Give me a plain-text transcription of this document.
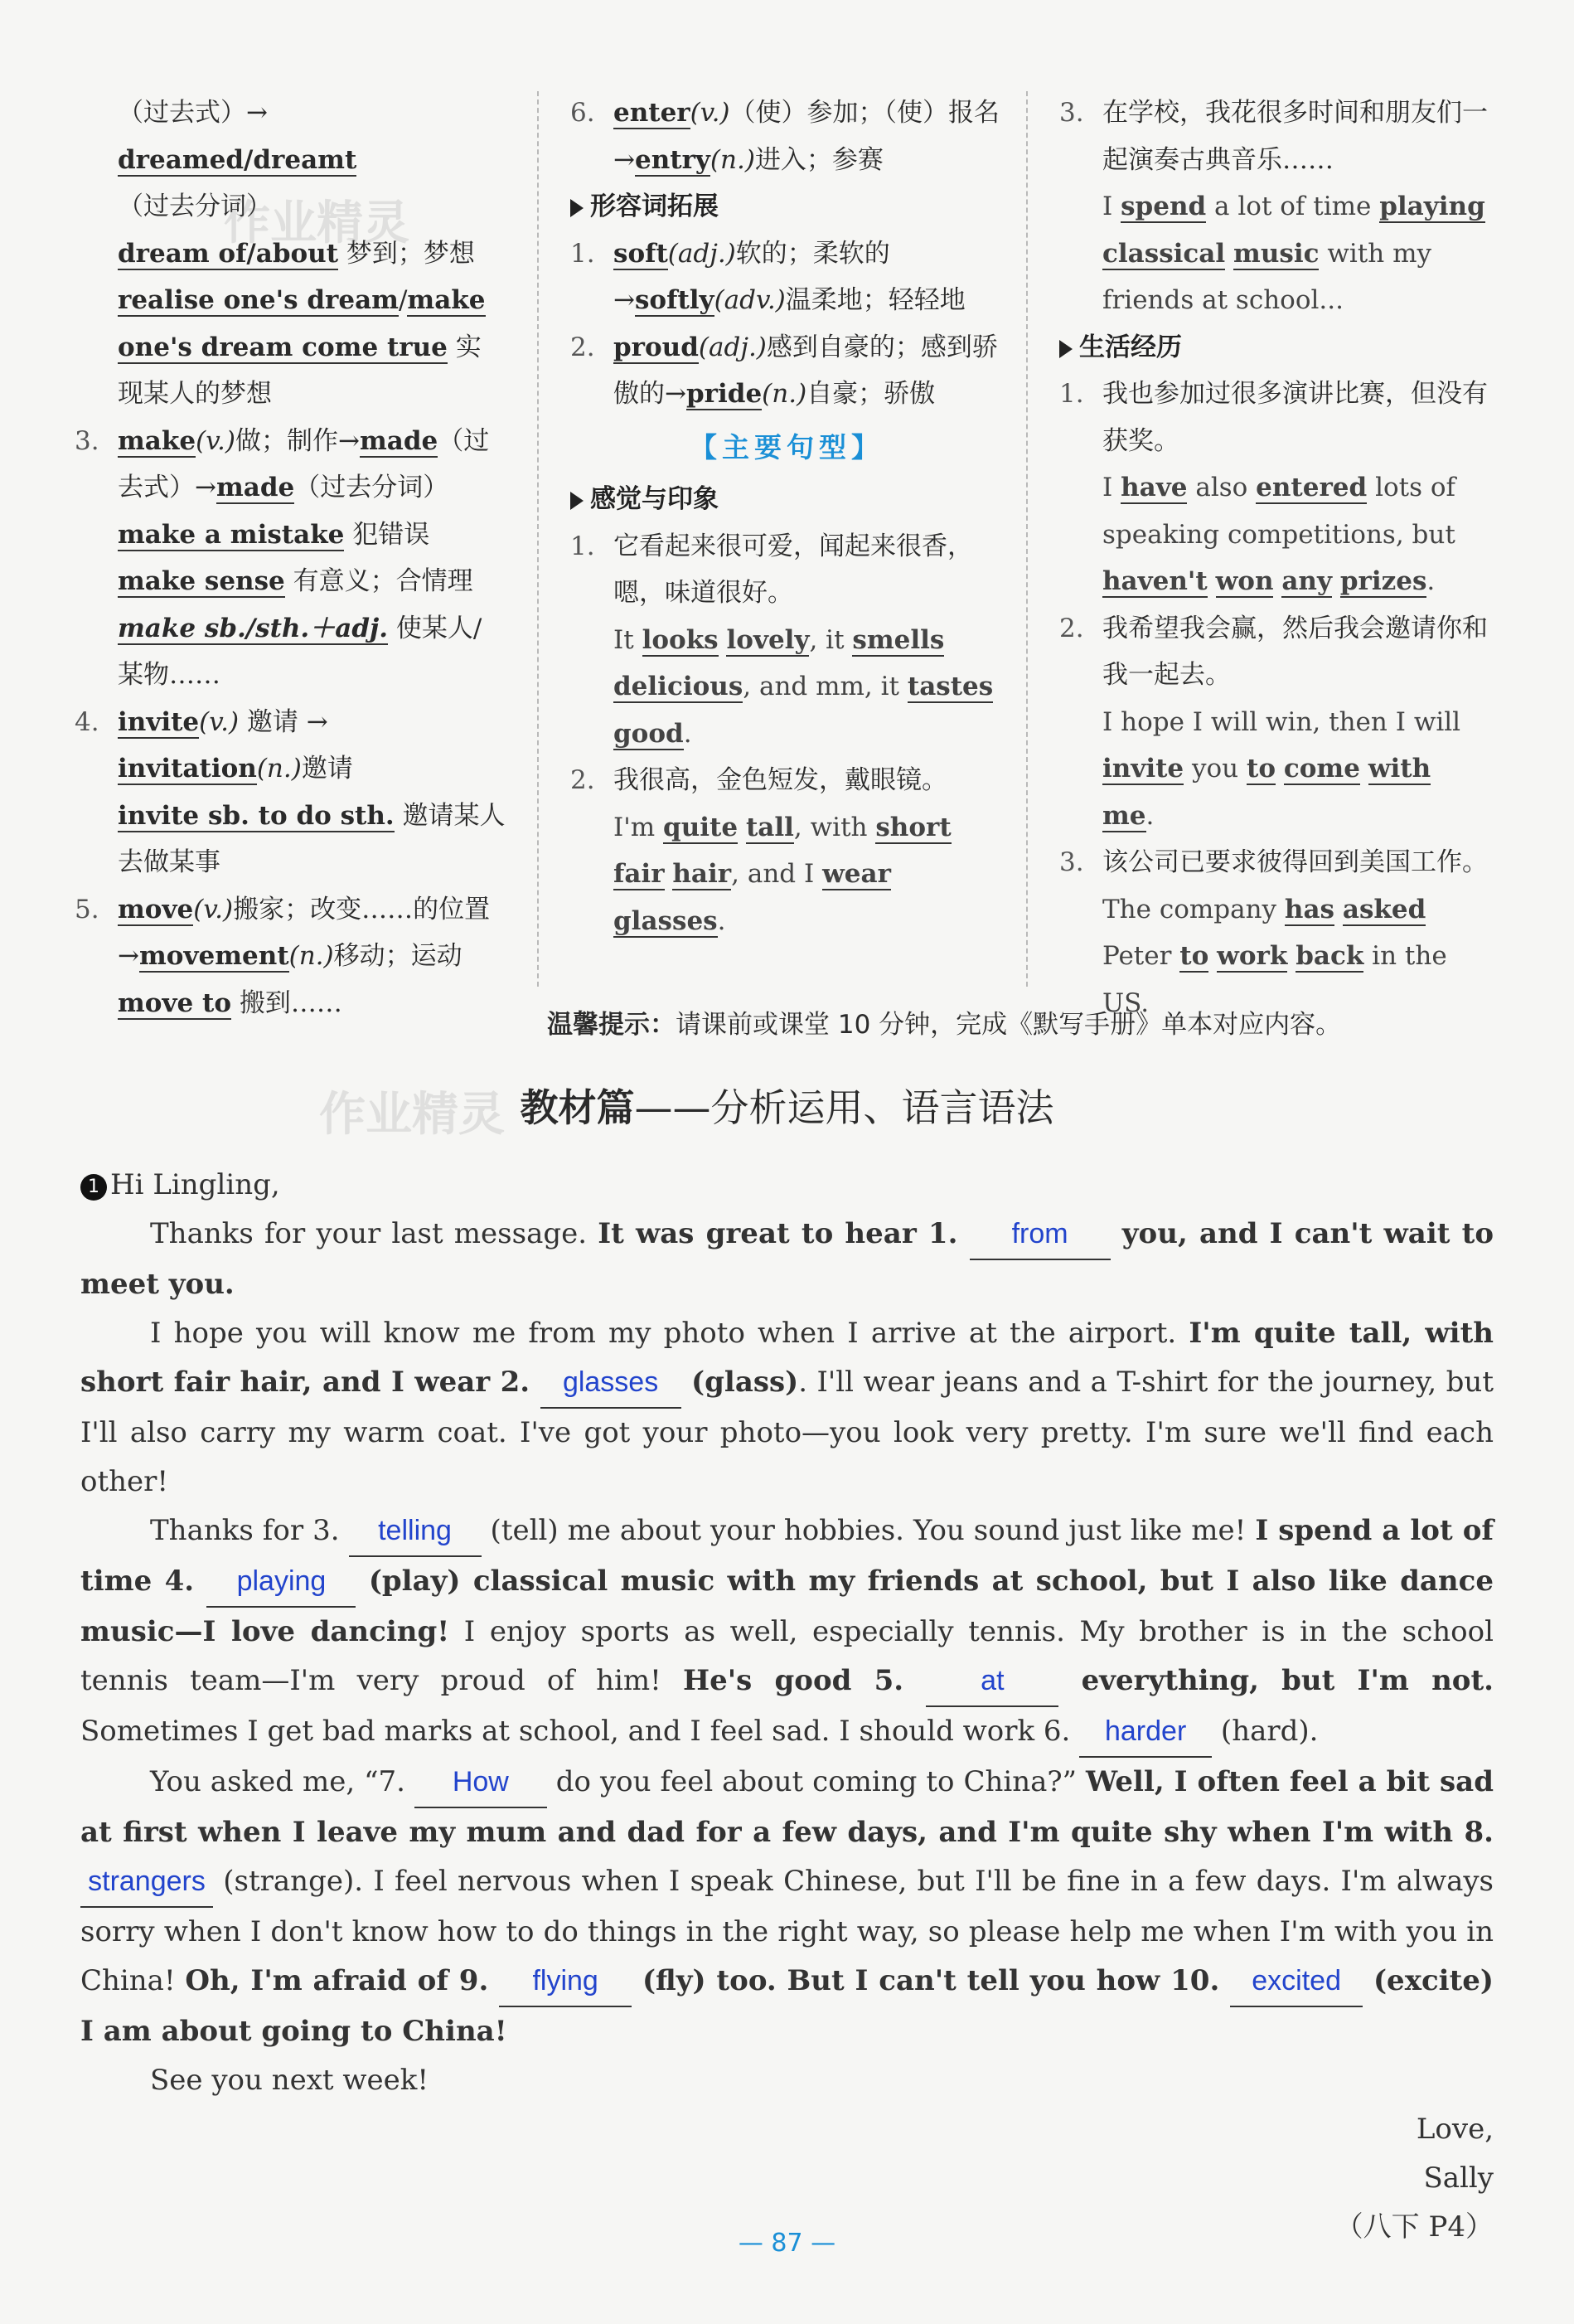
（过去式）→ dreamed/dreamt
（过去分词）
dream of/about 梦到；梦想
realise one's dream/make one's dream come true 实现某人的梦想
3. make(v.)做；制作→made（过去式）→made（过去分词）
make a mistake 犯错误
make sense 有意义；合情理
make sb./sth.＋adj. 使某人/某物……
4. invite(v.) 邀请 → invitation(n.)邀请
invite sb. to do sth. 邀请某人去做某事
5. move(v.)搬家；改变……的位置→movement(n.)移动；运动
move to 搬到……
6. enter(v.)（使）参加；（使）报名→entry(n.)进入；参赛
形容词拓展
1. soft(adj.)软的；柔软的→softly(adv.)温柔地；轻轻地
2. proud(adj.)感到自豪的；感到骄傲的→pride(n.)自豪；骄傲
【主要句型】
感觉与印象
1. 它看起来很可爱，闻起来很香，嗯，味道很好。
It looks lovely, it smells delicious, and mm, it tastes good.
2. 我很高，金色短发，戴眼镜。
I'm quite tall, with short fair hair, and I wear glasses.
3. 在学校，我花很多时间和朋友们一起演奏古典音乐……
I spend a lot of time playing classical music with my friends at school...
生活经历
1. 我也参加过很多演讲比赛，但没有获奖。
I have also entered lots of speaking competitions, but haven't won any prizes.
2. 我希望我会赢，然后我会邀请你和我一起去。
I hope I will win, then I will invite you to come with me.
3. 该公司已要求彼得回到美国工作。
The company has asked Peter to work back in the US.
温馨提示：请课前或课堂 10 分钟，完成《默写手册》单本对应内容。
作业精灵
作业精灵 教材篇——分析运用、语言语法

1 Hi Lingling,

Thanks for your last message. It was great to hear 1. from you, and I can't wait to meet you.

I hope you will know me from my photo when I arrive at the airport. I'm quite tall, with short fair hair, and I wear 2. glasses (glass). I'll wear jeans and a T-shirt for the journey, but I'll also carry my warm coat. I've got your photo—you look very pretty. I'm sure we'll find each other!

Thanks for 3. telling (tell) me about your hobbies. You sound just like me! I spend a lot of time 4. playing (play) classical music with my friends at school, but I also like dance music—I love dancing! I enjoy sports as well, especially tennis. My brother is in the school tennis team—I'm very proud of him! He's good 5. at everything, but I'm not. Sometimes I get bad marks at school, and I feel sad. I should work 6. harder (hard).

You asked me, “7. How do you feel about coming to China?” Well, I often feel a bit sad at first when I leave my mum and dad for a few days, and I'm quite shy when I'm with 8. strangers (strange). I feel nervous when I speak Chinese, but I'll be fine in a few days. I'm always sorry when I don't know how to do things in the right way, so please help me when I'm with you in China! Oh, I'm afraid of 9. flying (fly) too. But I can't tell you how 10. excited (excite) I am about going to China!

See you next week!

Love,
Sally
（八下 P4）
— 87 —
